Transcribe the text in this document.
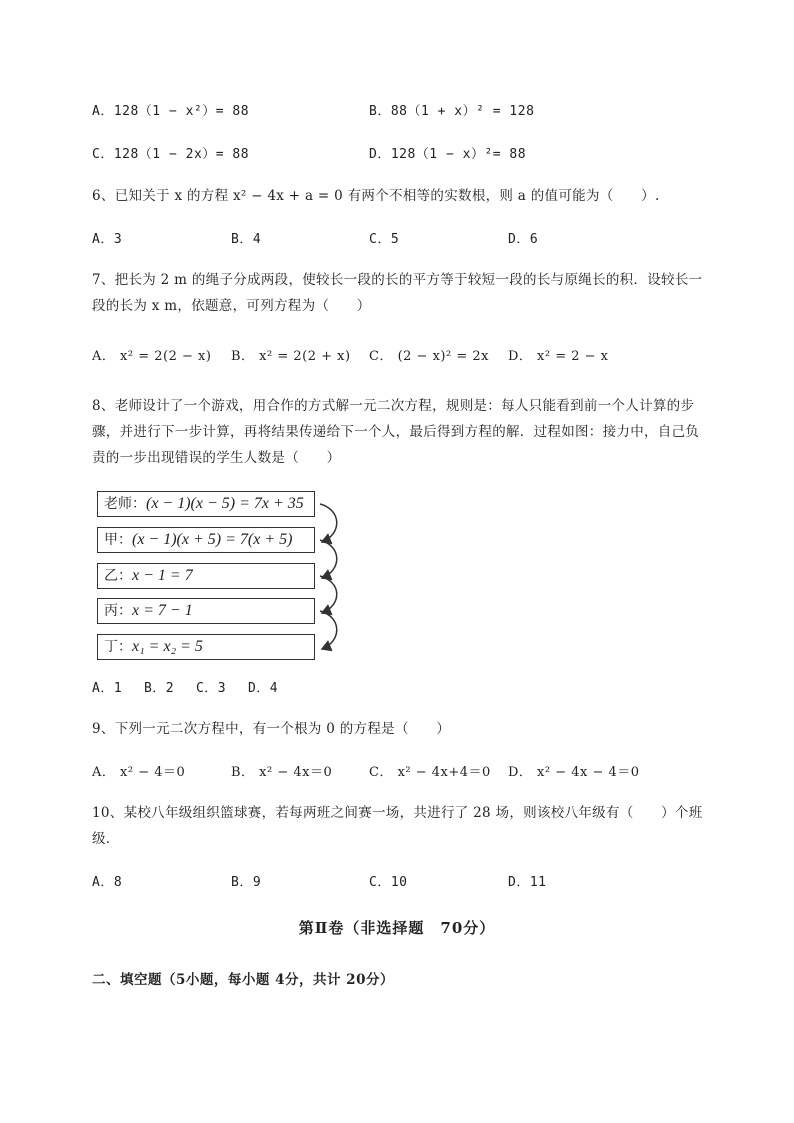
A．128（1 − x²）= 88	B．88（1 + x）² = 128
C．128（1 − 2x）= 88	D．128（1 − x）²= 88
6、已知关于 x 的方程 x² − 4x + a = 0 有两个不相等的实数根，则 a 的值可能为（　　）.
A．3	B．4	C．5	D．6
7、把长为 2 m 的绳子分成两段，使较长一段的长的平方等于较短一段的长与原绳长的积．设较长一
段的长为 x m，依题意，可列方程为（　　）
A． x² = 2(2 − x) B． x² = 2(2 + x) C． (2 − x)² = 2x D． x² = 2 − x
8、老师设计了一个游戏，用合作的方式解一元二次方程，规则是：每人只能看到前一个人计算的步
骤，并进行下一步计算，再将结果传递给下一个人，最后得到方程的解．过程如图：接力中，自己负
责的一步出现错误的学生人数是（　　）
老师：(x − 1)(x − 5) = 7x + 35
甲：(x − 1)(x + 5) = 7(x + 5)
乙：x − 1 = 7
丙：x = 7 − 1
丁：x₁ = x₂ = 5
A．1　 B．2　 C．3　 D．4
9、下列一元二次方程中，有一个根为 0 的方程是（　　）
A． x² − 4＝0	B． x² − 4x＝0	C． x² − 4x+4＝0 D． x² − 4x − 4＝0
10、某校八年级组织篮球赛，若每两班之间赛一场，共进行了 28 场，则该校八年级有（　　）个班
级．
A．8	B．9	C．10	D．11
第Ⅱ卷（非选择题　70分）
二、填空题（5小题，每小题 4分，共计 20分）
